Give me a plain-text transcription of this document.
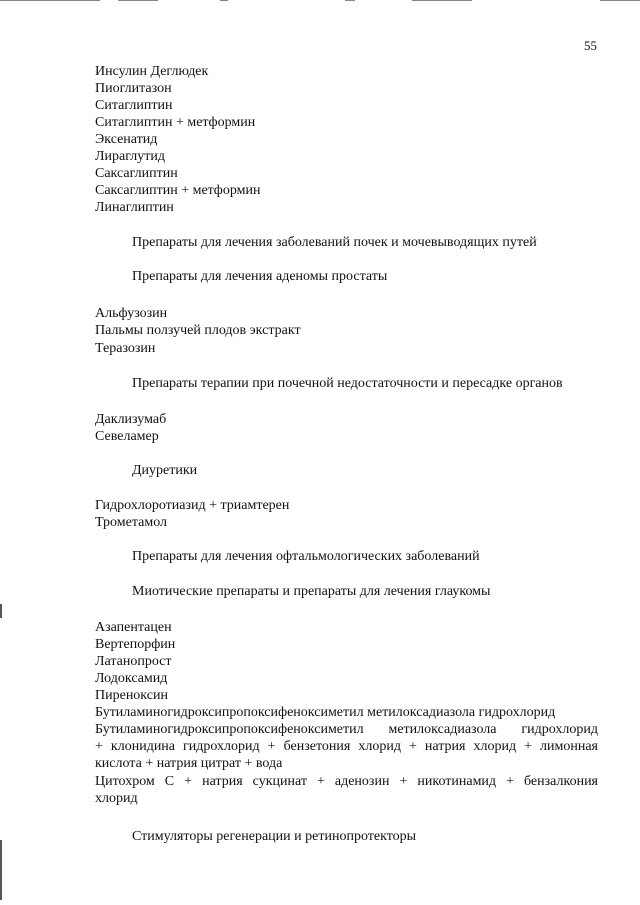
55
Инсулин Деглюдек
Пиоглитазон
Ситаглиптин
Ситаглиптин + метформин
Эксенатид
Лираглутид
Саксаглиптин
Саксаглиптин + метформин
Линаглиптин
Препараты для лечения заболеваний почек и мочевыводящих путей
Препараты для лечения аденомы простаты
Альфузозин
Пальмы ползучей плодов экстракт
Теразозин
Препараты терапии при почечной недостаточности и пересадке органов
Даклизумаб
Севеламер
Диуретики
Гидрохлоротиазид + триамтерен
Трометамол
Препараты для лечения офтальмологических заболеваний
Миотические препараты и препараты для лечения глаукомы
Азапентацен
Вертепорфин
Латанопрост
Лодоксамид
Пиреноксин
Бутиламиногидроксипропоксифеноксиметил метилоксадиазола гидрохлорид
Бутиламиногидроксипропоксифеноксиметил метилоксадиазола гидрохлорид
+ клонидина гидрохлорид + бензетония хлорид + натрия хлорид + лимонная
кислота + натрия цитрат + вода
Цитохром С + натрия сукцинат + аденозин + никотинамид + бензалкония
хлорид
Стимуляторы регенерации и ретинопротекторы
